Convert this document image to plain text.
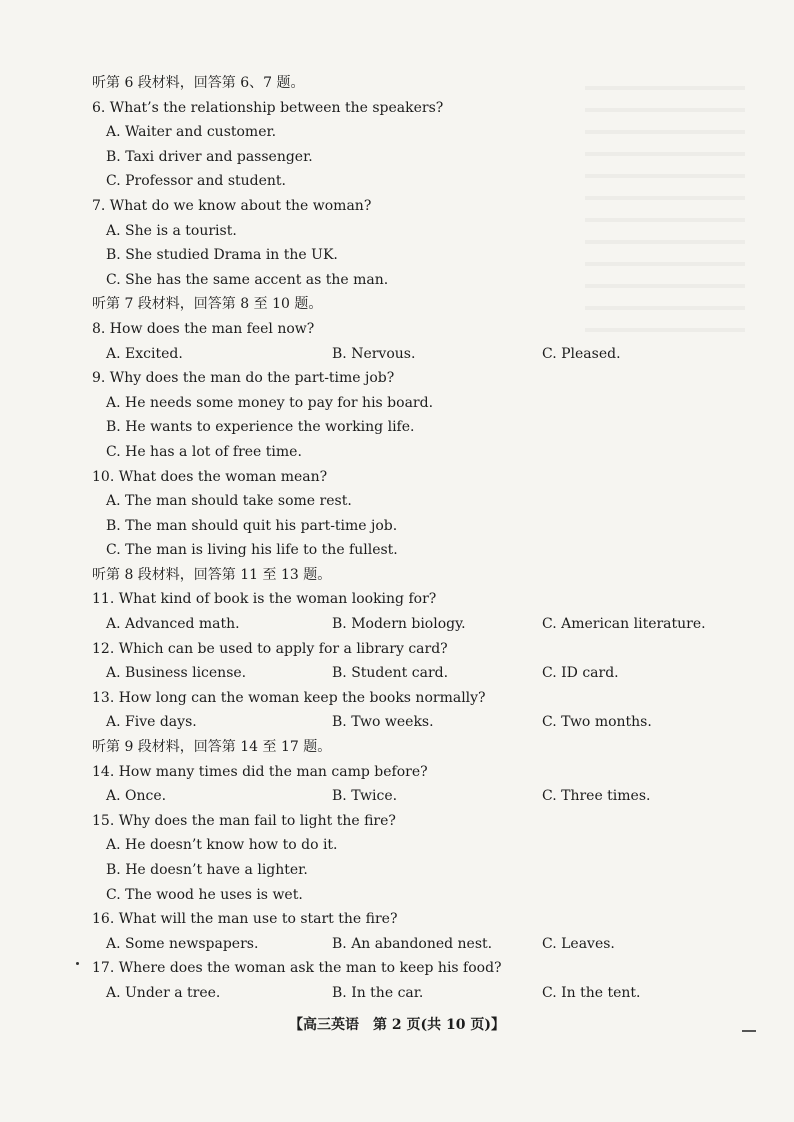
听第 6 段材料，回答第 6、7 题。
6. What’s the relationship between the speakers?
A. Waiter and customer.
B. Taxi driver and passenger.
C. Professor and student.
7. What do we know about the woman?
A. She is a tourist.
B. She studied Drama in the UK.
C. She has the same accent as the man.
听第 7 段材料，回答第 8 至 10 题。
8. How does the man feel now?
A. Excited.	B. Nervous.	C. Pleased.
9. Why does the man do the part-time job?
A. He needs some money to pay for his board.
B. He wants to experience the working life.
C. He has a lot of free time.
10. What does the woman mean?
A. The man should take some rest.
B. The man should quit his part-time job.
C. The man is living his life to the fullest.
听第 8 段材料，回答第 11 至 13 题。
11. What kind of book is the woman looking for?
A. Advanced math.	B. Modern biology.	C. American literature.
12. Which can be used to apply for a library card?
A. Business license.	B. Student card.	C. ID card.
13. How long can the woman keep the books normally?
A. Five days.	B. Two weeks.	C. Two months.
听第 9 段材料，回答第 14 至 17 题。
14. How many times did the man camp before?
A. Once.	B. Twice.	C. Three times.
15. Why does the man fail to light the fire?
A. He doesn’t know how to do it.
B. He doesn’t have a lighter.
C. The wood he uses is wet.
16. What will the man use to start the fire?
A. Some newspapers.	B. An abandoned nest.	C. Leaves.
17. Where does the woman ask the man to keep his food?
A. Under a tree.	B. In the car.	C. In the tent.
【高三英语　第 2 页(共 10 页)】
